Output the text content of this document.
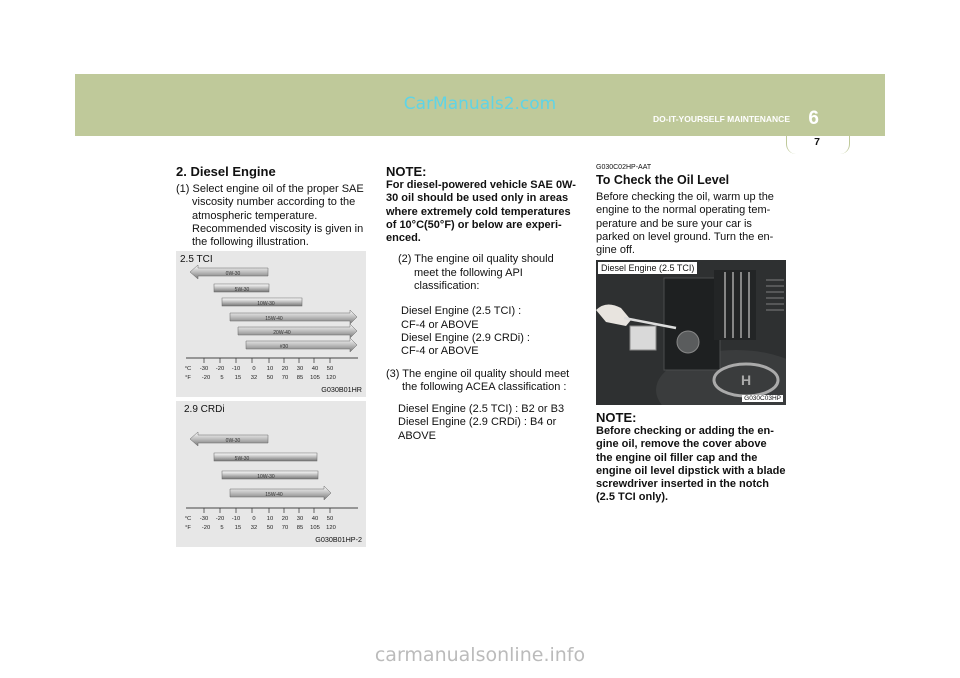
CarManuals2.com
DO-IT-YOURSELF MAINTENANCE 6
7
2. Diesel Engine
(1) Select engine oil of the proper SAE viscosity number according to the atmospheric temperature. Recommended viscosity is given in the following illustration.
2.5 TCI
0W-30
5W-30
10W-30
15W-40
20W-40
#30
°C -30 -20 -10 0 10 20 30 40 50
°F -20 5 15 32 50 70 85 105 120
G030B01HR
2.9 CRDi
0W-30
5W-30
10W-30
15W-40
°C -30 -20 -10 0 10 20 30 40 50
°F -20 5 15 32 50 70 85 105 120
G030B01HP-2
NOTE:
For diesel-powered vehicle SAE 0W-30 oil should be used only in areas where extremely cold temperatures of 10°C(50°F) or below are experi-enced.
(2) The engine oil quality should meet the following API classification:
Diesel Engine (2.5 TCI) :
CF-4 or ABOVE
Diesel Engine (2.9 CRDi) :
CF-4 or ABOVE
(3) The engine oil quality should meet the following ACEA classification :
Diesel Engine (2.5 TCI) : B2 or B3
Diesel Engine (2.9 CRDi) : B4 or ABOVE
G030C02HP-AAT
To Check the Oil Level
Before checking the oil, warm up the engine to the normal operating tem-perature and be sure your car is parked on level ground. Turn the en-gine off.
H
Diesel Engine (2.5 TCI)
G030C03HP
NOTE:
Before checking or adding the en-gine oil, remove the cover above the engine oil filler cap and the engine oil level dipstick with a blade screwdriver inserted in the notch (2.5 TCI only).
carmanualsonline.info
